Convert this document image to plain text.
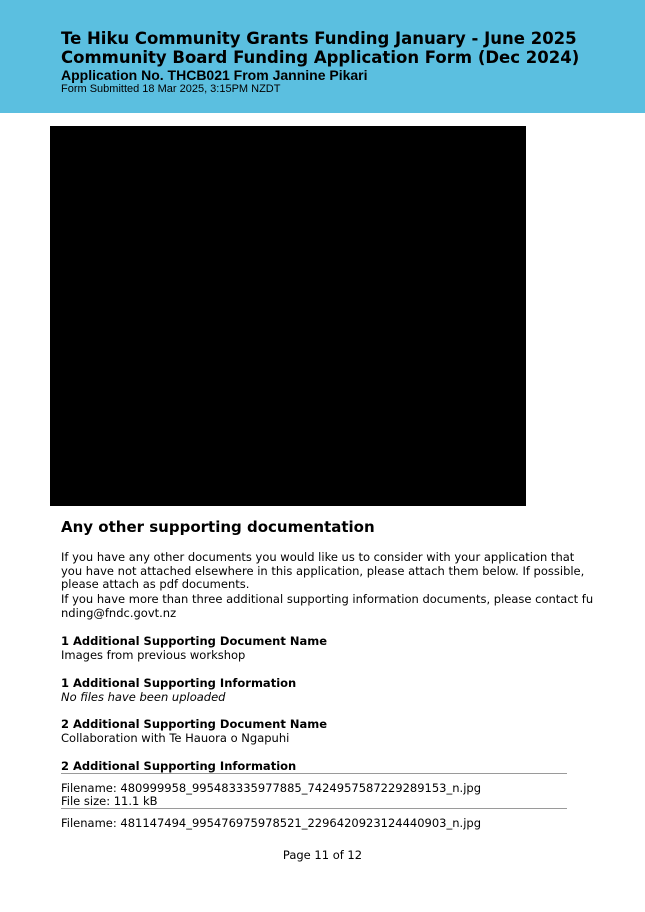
Te Hiku Community Grants Funding January - June 2025
Community Board Funding Application Form (Dec 2024)
Application No. THCB021 From Jannine Pikari
Form Submitted 18 Mar 2025, 3:15PM NZDT
Any other supporting documentation
If you have any other documents you would like us to consider with your application that
you have not attached elsewhere in this application, please attach them below. If possible,
please attach as pdf documents.
If you have more than three additional supporting information documents, please contact fu
nding@fndc.govt.nz
1 Additional Supporting Document Name
Images from previous workshop
1 Additional Supporting Information
No files have been uploaded
2 Additional Supporting Document Name
Collaboration with Te Hauora o Ngapuhi
2 Additional Supporting Information
Filename: 480999958_995483335977885_7424957587229289153_n.jpg
File size: 11.1 kB
Filename: 481147494_995476975978521_2296420923124440903_n.jpg
Page 11 of 12
